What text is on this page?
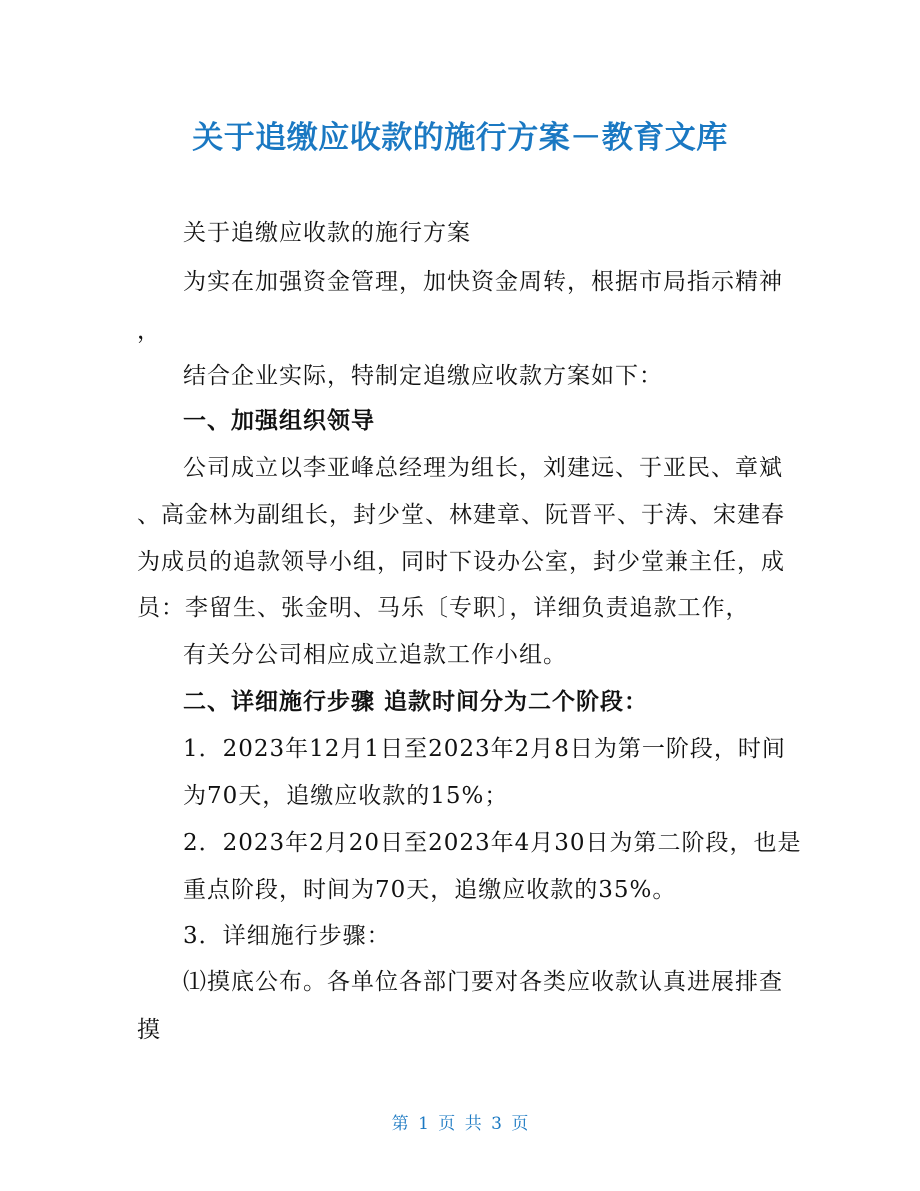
关于追缴应收款的施行方案－教育文库
关于追缴应收款的施行方案
为实在加强资金管理，加快资金周转，根据市局指示精神
，
结合企业实际，特制定追缴应收款方案如下：
一、加强组织领导
公司成立以李亚峰总经理为组长，刘建远、于亚民、章斌
、高金林为副组长，封少堂、林建章、阮晋平、于涛、宋建春
为成员的追款领导小组，同时下设办公室，封少堂兼主任，成
员：李留生、张金明、马乐〔专职〕，详细负责追款工作，
有关分公司相应成立追款工作小组。
二、详细施行步骤 追款时间分为二个阶段：
1．2023年12月1日至2023年2月8日为第一阶段，时间
为70天，追缴应收款的15%；
2．2023年2月20日至2023年4月30日为第二阶段，也是
重点阶段，时间为70天，追缴应收款的35%。
3．详细施行步骤：
⑴摸底公布。各单位各部门要对各类应收款认真进展排查
摸
第 1 页 共 3 页
